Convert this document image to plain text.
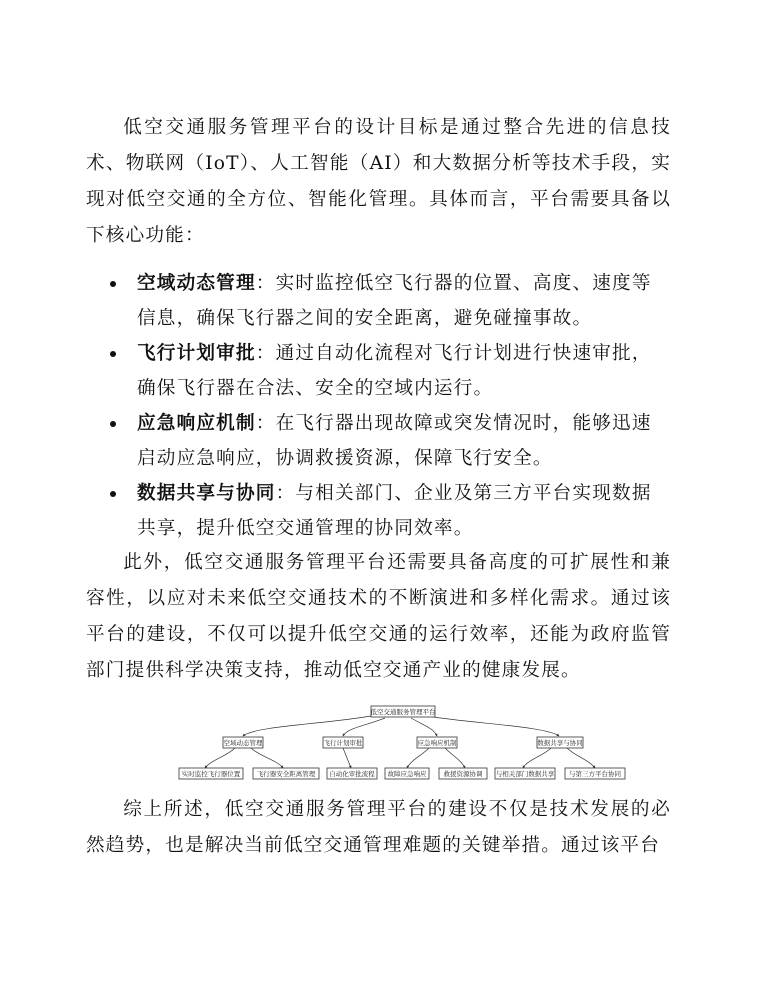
低空交通服务管理平台的设计目标是通过整合先进的信息技术、物联网（IoT）、人工智能（AI）和大数据分析等技术手段，实现对低空交通的全方位、智能化管理。具体而言，平台需要具备以下核心功能：

空域动态管理：实时监控低空飞行器的位置、高度、速度等信息，确保飞行器之间的安全距离，避免碰撞事故。
飞行计划审批：通过自动化流程对飞行计划进行快速审批，确保飞行器在合法、安全的空域内运行。
应急响应机制：在飞行器出现故障或突发情况时，能够迅速启动应急响应，协调救援资源，保障飞行安全。
数据共享与协同：与相关部门、企业及第三方平台实现数据共享，提升低空交通管理的协同效率。

此外，低空交通服务管理平台还需要具备高度的可扩展性和兼容性，以应对未来低空交通技术的不断演进和多样化需求。通过该平台的建设，不仅可以提升低空交通的运行效率，还能为政府监管部门提供科学决策支持，推动低空交通产业的健康发展。

低空交通服务管理平台
空域动态管理	飞行计划审批	应急响应机制	数据共享与协同
实时监控飞行器位置	飞行器安全距离管理 自动化审批流程 故障应急响应	救援资源协调 与相关部门数据共享 与第三方平台协同

综上所述，低空交通服务管理平台的建设不仅是技术发展的必然趋势，也是解决当前低空交通管理难题的关键举措。通过该平台
